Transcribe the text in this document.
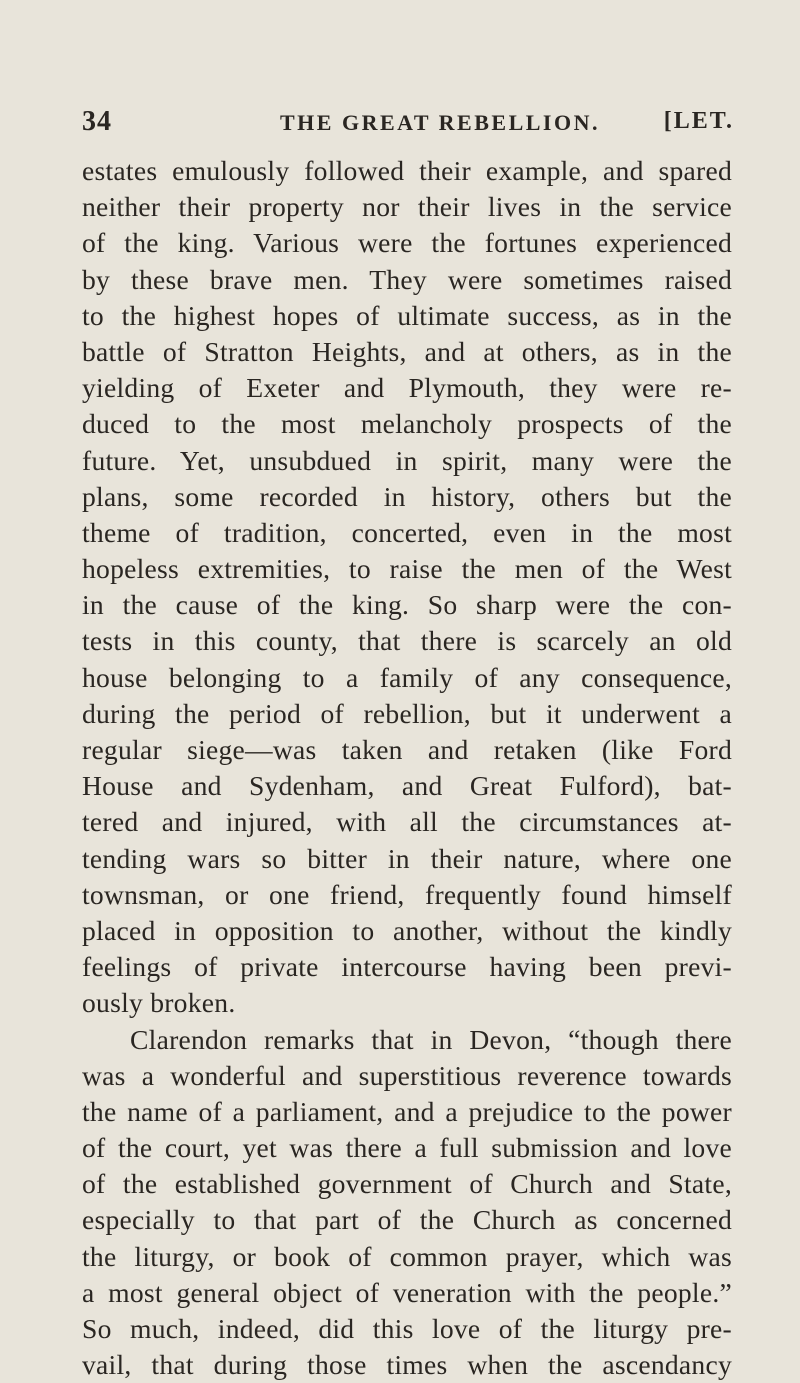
34	THE GREAT REBELLION.	[LET.
estates emulously followed their example, and spared
neither their property nor their lives in the service
of the king. Various were the fortunes experienced
by these brave men. They were sometimes raised
to the highest hopes of ultimate success, as in the
battle of Stratton Heights, and at others, as in the
yielding of Exeter and Plymouth, they were re-
duced to the most melancholy prospects of the
future. Yet, unsubdued in spirit, many were the
plans, some recorded in history, others but the
theme of tradition, concerted, even in the most
hopeless extremities, to raise the men of the West
in the cause of the king. So sharp were the con-
tests in this county, that there is scarcely an old
house belonging to a family of any consequence,
during the period of rebellion, but it underwent a
regular siege—was taken and retaken (like Ford
House and Sydenham, and Great Fulford), bat-
tered and injured, with all the circumstances at-
tending wars so bitter in their nature, where one
townsman, or one friend, frequently found himself
placed in opposition to another, without the kindly
feelings of private intercourse having been previ-
ously broken.
Clarendon remarks that in Devon, “though there
was a wonderful and superstitious reverence towards
the name of a parliament, and a prejudice to the power
of the court, yet was there a full submission and love
of the established government of Church and State,
especially to that part of the Church as concerned
the liturgy, or book of common prayer, which was
a most general object of veneration with the people.”
So much, indeed, did this love of the liturgy pre-
vail, that during those times when the ascendancy
